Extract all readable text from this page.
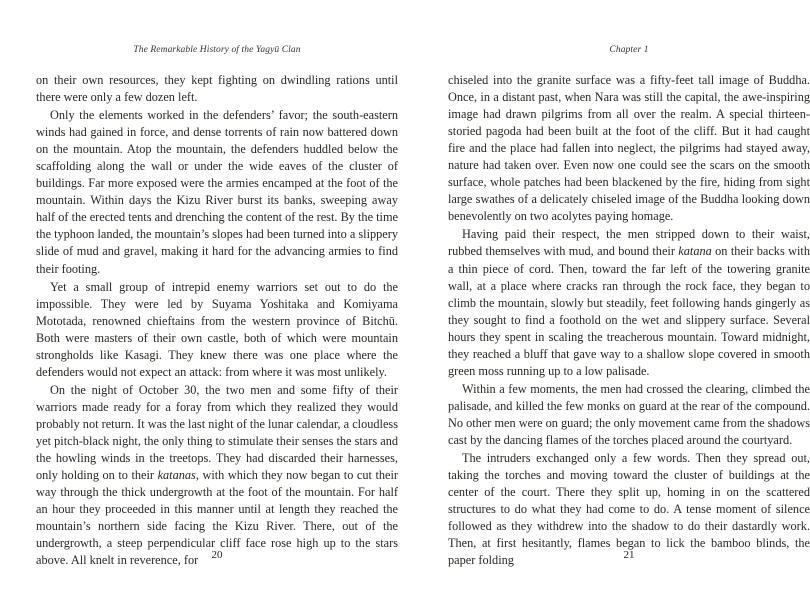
The Remarkable History of the Yagyū Clan

on their own resources, they kept fighting on dwindling rations until there were only a few dozen left.

Only the elements worked in the defenders’ favor; the south-eastern winds had gained in force, and dense torrents of rain now battered down on the mountain. Atop the mountain, the defenders huddled below the scaffolding along the wall or under the wide eaves of the cluster of buildings. Far more exposed were the armies encamped at the foot of the mountain. Within days the Kizu River burst its banks, sweeping away half of the erected tents and drenching the content of the rest. By the time the typhoon landed, the mountain’s slopes had been turned into a slippery slide of mud and gravel, making it hard for the advancing armies to find their footing.

Yet a small group of intrepid enemy warriors set out to do the impossible. They were led by Suyama Yoshitaka and Komiyama Mototada, renowned chieftains from the western province of Bitchū. Both were masters of their own castle, both of which were mountain strongholds like Kasagi. They knew there was one place where the defenders would not expect an attack: from where it was most unlikely.

On the night of October 30, the two men and some fifty of their warriors made ready for a foray from which they realized they would probably not return. It was the last night of the lunar calendar, a cloudless yet pitch-black night, the only thing to stimulate their senses the stars and the howling winds in the treetops. They had discarded their harnesses, only holding on to their katanas, with which they now began to cut their way through the thick undergrowth at the foot of the mountain. For half an hour they proceeded in this manner until at length they reached the mountain’s northern side facing the Kizu River. There, out of the undergrowth, a steep perpendicular cliff face rose high up to the stars above. All knelt in reverence, for	20
Chapter 1

chiseled into the granite surface was a fifty-feet tall image of Buddha. Once, in a distant past, when Nara was still the capital, the awe-inspiring image had drawn pilgrims from all over the realm. A special thirteen-storied pagoda had been built at the foot of the cliff. But it had caught fire and the place had fallen into neglect, the pilgrims had stayed away, nature had taken over. Even now one could see the scars on the smooth surface, whole patches had been blackened by the fire, hiding from sight large swathes of a delicately chiseled image of the Buddha looking down benevolently on two acolytes paying homage.

Having paid their respect, the men stripped down to their waist, rubbed themselves with mud, and bound their katana on their backs with a thin piece of cord. Then, toward the far left of the towering granite wall, at a place where cracks ran through the rock face, they began to climb the mountain, slowly but steadily, feet following hands gingerly as they sought to find a foothold on the wet and slippery surface. Several hours they spent in scaling the treacherous mountain. Toward midnight, they reached a bluff that gave way to a shallow slope covered in smooth green moss running up to a low palisade.

Within a few moments, the men had crossed the clearing, climbed the palisade, and killed the few monks on guard at the rear of the compound. No other men were on guard; the only movement came from the shadows cast by the dancing flames of the torches placed around the courtyard.

The intruders exchanged only a few words. Then they spread out, taking the torches and moving toward the cluster of buildings at the center of the court. There they split up, homing in on the scattered structures to do what they had come to do. A tense moment of silence followed as they withdrew into the shadow to do their dastardly work. Then, at first hesitantly, flames began to lick the bamboo blinds, the paper folding	21
